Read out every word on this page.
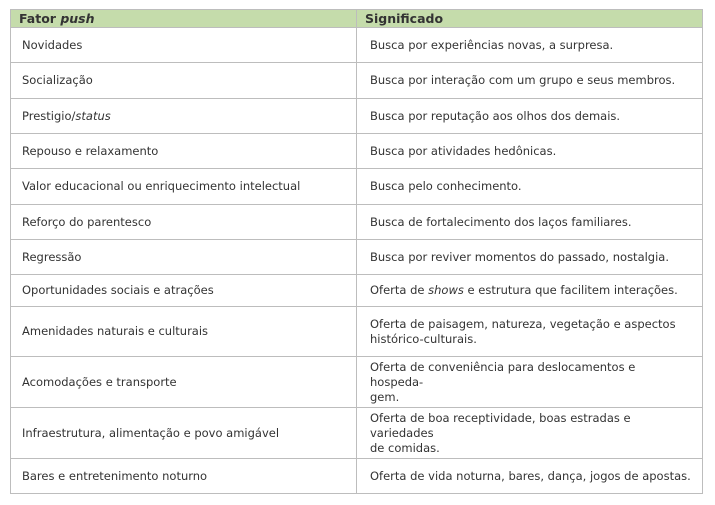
Fator push	Significado
Novidades	Busca por experiências novas, a surpresa.
Socialização	Busca por interação com um grupo e seus membros.
Prestigio/status	Busca por reputação aos olhos dos demais.
Repouso e relaxamento	Busca por atividades hedônicas.
Valor educacional ou enriquecimento intelectual	Busca pelo conhecimento.
Reforço do parentesco	Busca de fortalecimento dos laços familiares.
Regressão	Busca por reviver momentos do passado, nostalgia.
Oportunidades sociais e atrações	Oferta de shows e estrutura que facilitem interações.
Amenidades naturais e culturais	Oferta de paisagem, natureza, vegetação e aspectos
histórico-culturais.
Acomodações e transporte	Oferta de conveniência para deslocamentos e hospeda-
gem.
Infraestrutura, alimentação e povo amigável	Oferta de boa receptividade, boas estradas e variedades
de comidas.
Bares e entretenimento noturno	Oferta de vida noturna, bares, dança, jogos de apostas.
